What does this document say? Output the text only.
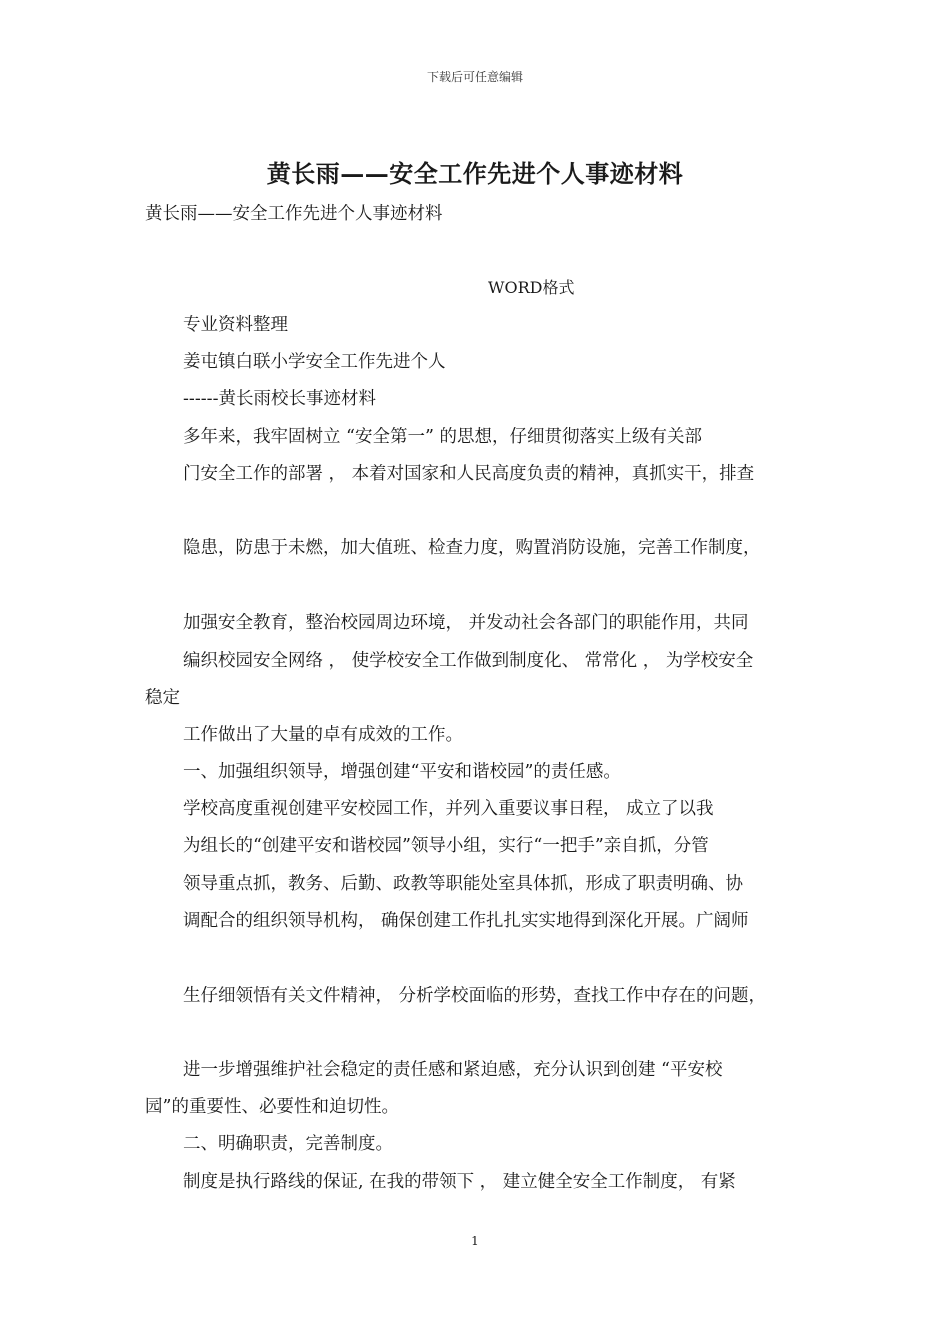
下载后可任意编辑
黄长雨——安全工作先进个人事迹材料
黄长雨——安全工作先进个人事迹材料
WORD格式
专业资料整理
姜屯镇白联小学安全工作先进个人
------黄长雨校长事迹材料
多年来，我牢固树立 “安全第一” 的思想，仔细贯彻落实上级有关部
门安全工作的部署 ， 本着对国家和人民高度负责的精神，真抓实干，排查
隐患，防患于未燃，加大值班、检查力度，购置消防设施，完善工作制度，
加强安全教育，整治校园周边环境， 并发动社会各部门的职能作用，共同
编织校园安全网络 ， 使学校安全工作做到制度化、 常常化 ， 为学校安全
稳定
工作做出了大量的卓有成效的工作。
一、加强组织领导，增强创建“平安和谐校园”的责任感。
学校高度重视创建平安校园工作，并列入重要议事日程， 成立了以我
为组长的“创建平安和谐校园”领导小组，实行“一把手”亲自抓，分管
领导重点抓，教务、后勤、政教等职能处室具体抓，形成了职责明确、协
调配合的组织领导机构， 确保创建工作扎扎实实地得到深化开展。广阔师
生仔细领悟有关文件精神， 分析学校面临的形势，查找工作中存在的问题，
进一步增强维护社会稳定的责任感和紧迫感，充分认识到创建 “平安校
园”的重要性、必要性和迫切性。
二、明确职责，完善制度。
制度是执行路线的保证, 在我的带领下 ， 建立健全安全工作制度， 有紧
1
